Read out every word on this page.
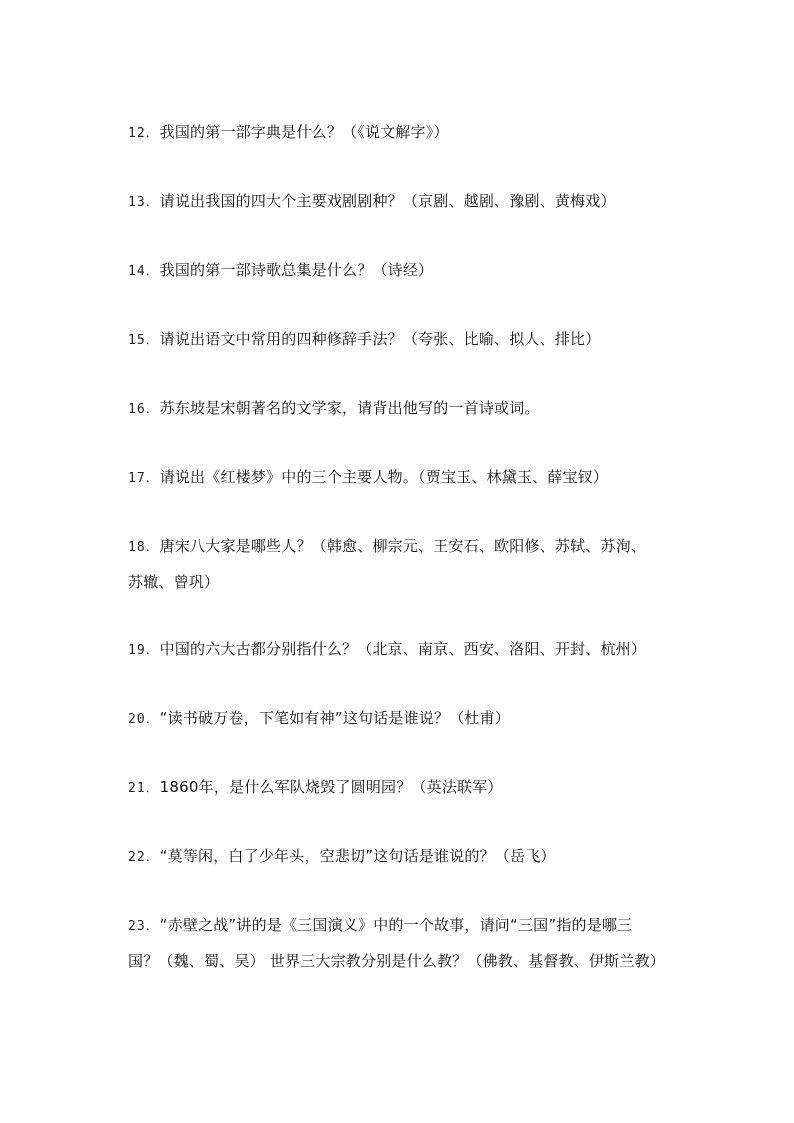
12．我国的第一部字典是什么？（《说文解字》）
13．请说出我国的四大个主要戏剧剧种？（京剧、越剧、豫剧、黄梅戏）
14．我国的第一部诗歌总集是什么？（诗经）
15．请说出语文中常用的四种修辞手法？（夸张、比喻、拟人、排比）
16．苏东坡是宋朝著名的文学家，请背出他写的一首诗或词。
17．请说出《红楼梦》中的三个主要人物。（贾宝玉、林黛玉、薛宝钗）
18．唐宋八大家是哪些人？（韩愈、柳宗元、王安石、欧阳修、苏轼、苏洵、
苏辙、曾巩）
19．中国的六大古都分别指什么？（北京、南京、西安、洛阳、开封、杭州）
20．“读书破万卷，下笔如有神”这句话是谁说？（杜甫）
21．1860年，是什么军队烧毁了圆明园？（英法联军）
22．“莫等闲，白了少年头，空悲切”这句话是谁说的？（岳飞）
23．“赤壁之战”讲的是《三国演义》中的一个故事，请问“三国”指的是哪三
国？（魏、蜀、吴） 世界三大宗教分别是什么教？（佛教、基督教、伊斯兰教）
